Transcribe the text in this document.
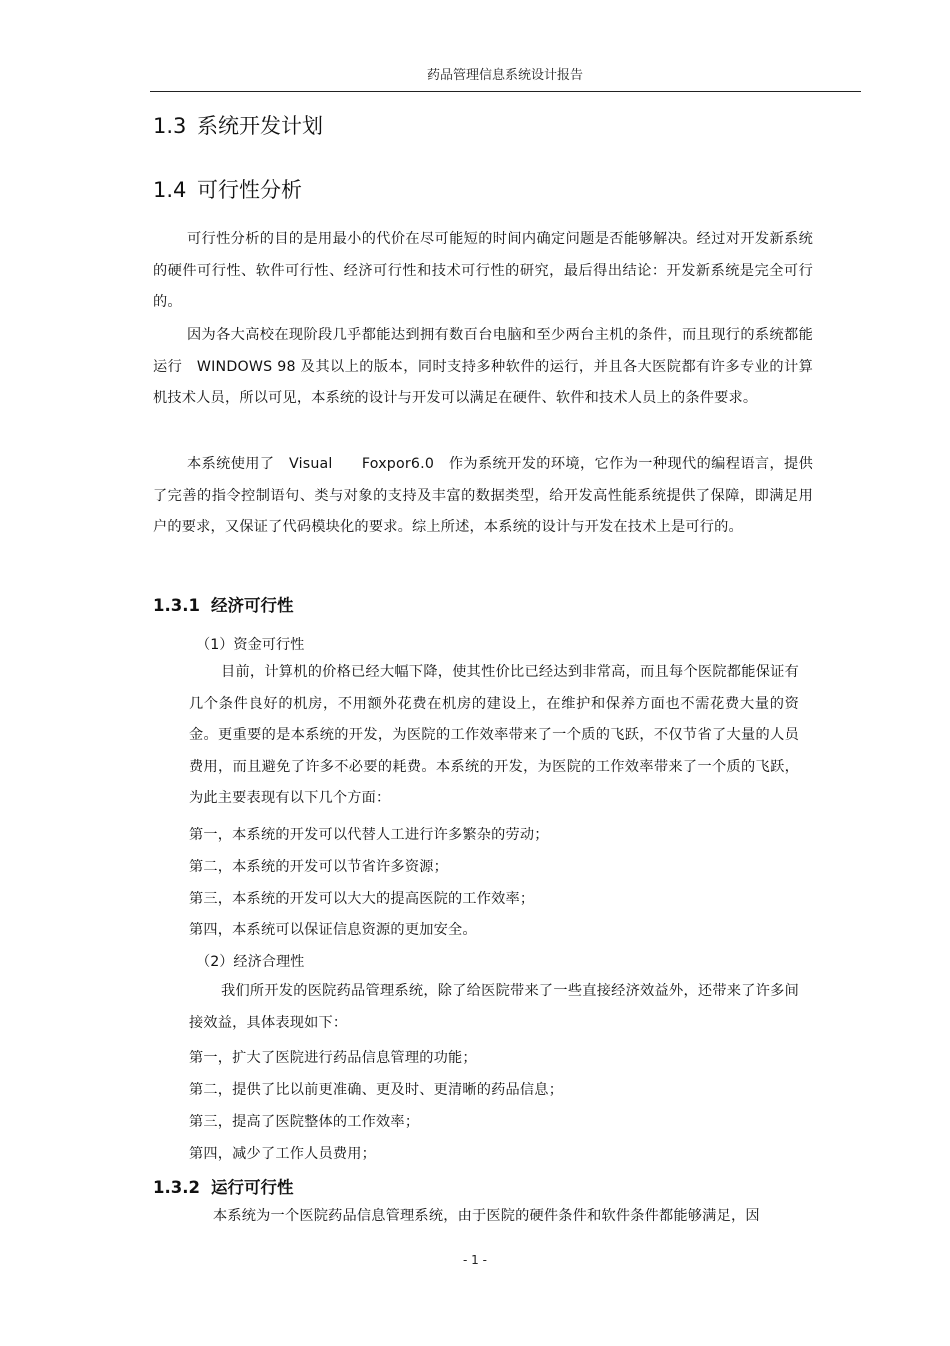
药品管理信息系统设计报告
1.3 系统开发计划
1.4 可行性分析

可行性分析的目的是用最小的代价在尽可能短的时间内确定问题是否能够解决。经过对开发新系统的硬件可行性、软件可行性、经济可行性和技术可行性的研究，最后得出结论：开发新系统是完全可行的。

因为各大高校在现阶段几乎都能达到拥有数百台电脑和至少两台主机的条件，而且现行的系统都能运行　WINDOWS 98 及其以上的版本，同时支持多种软件的运行，并且各大医院都有许多专业的计算机技术人员，所以可见，本系统的设计与开发可以满足在硬件、软件和技术人员上的条件要求。

本系统使用了　Visual　　Foxpor6.0　作为系统开发的环境，它作为一种现代的编程语言，提供了完善的指令控制语句、类与对象的支持及丰富的数据类型，给开发高性能系统提供了保障，即满足用户的要求，又保证了代码模块化的要求。综上所述，本系统的设计与开发在技术上是可行的。

1.3.1 经济可行性
（1）资金可行性

目前，计算机的价格已经大幅下降，使其性价比已经达到非常高，而且每个医院都能保证有几个条件良好的机房，不用额外花费在机房的建设上，在维护和保养方面也不需花费大量的资金。更重要的是本系统的开发，为医院的工作效率带来了一个质的飞跃，不仅节省了大量的人员费用，而且避免了许多不必要的耗费。本系统的开发，为医院的工作效率带来了一个质的飞跃，为此主要表现有以下几个方面：

第一，本系统的开发可以代替人工进行许多繁杂的劳动；
第二，本系统的开发可以节省许多资源；
第三，本系统的开发可以大大的提高医院的工作效率；
第四，本系统可以保证信息资源的更加安全。
（2）经济合理性

我们所开发的医院药品管理系统，除了给医院带来了一些直接经济效益外，还带来了许多间接效益，具体表现如下：

第一，扩大了医院进行药品信息管理的功能；
第二，提供了比以前更准确、更及时、更清晰的药品信息；
第三，提高了医院整体的工作效率；
第四，减少了工作人员费用；
1.3.2 运行可行性

本系统为一个医院药品信息管理系统，由于医院的硬件条件和软件条件都能够满足，因

- 1 -
